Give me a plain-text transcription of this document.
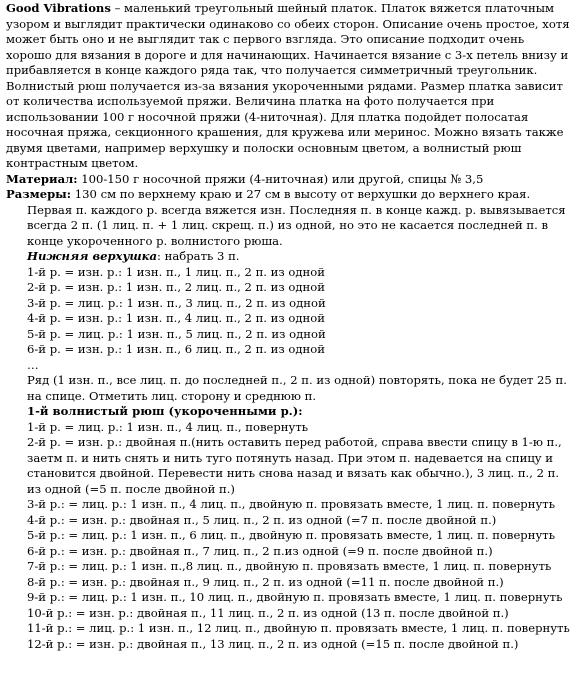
Good Vibrations – маленький треугольный шейный платок. Платок вяжется платочным узором и выглядит практически одинаково со обеих сторон. Описание очень простое, хотя может быть оно и не выглядит так с первого взгляда. Это описание подходит очень хорошо для вязания в дороге и для начинающих. Начинается вязание с 3-х петель внизу и прибавляется в конце каждого ряда так, что получается симметричный треугольник. Волнистый рюш получается из-за вязания укороченными рядами. Размер платка зависит от количества используемой пряжи. Величина платка на фото получается при использовании 100 г носочной пряжи (4-ниточная). Для платка подойдет полосатая носочная пряжа, секционного крашения, для кружева или меринос. Можно вязать также двумя цветами, например верхушку и полоски основным цветом, а волнистый рюш контрастным цветом.

Материал: 100-150 г носочной пряжи (4-ниточная) или другой, спицы № 3,5

Размеры: 130 см по верхнему краю и 27 см в высоту от верхушки до верхнего края.

Первая п. каждого р. всегда вяжется изн. Последняя п. в конце кажд. р. вывязывается всегда 2 п. (1 лиц. п. + 1 лиц. скрещ. п.) из одной, но это не касается последней п. в конце укороченного р. волнистого рюша.

Нижняя верхушка: набрать 3 п.

1-й р. = изн. р.: 1 изн. п., 1 лиц. п., 2 п. из одной

2-й р. = изн. р.: 1 изн. п., 2 лиц. п., 2 п. из одной

3-й р. = лиц. р.: 1 изн. п., 3 лиц. п., 2 п. из одной

4-й р. = изн. р.: 1 изн. п., 4 лиц. п., 2 п. из одной

5-й р. = лиц. р.: 1 изн. п., 5 лиц. п., 2 п. из одной

6-й р. = изн. р.: 1 изн. п., 6 лиц. п., 2 п. из одной

…

Ряд (1 изн. п., все лиц. п. до последней п., 2 п. из одной) повторять, пока не будет 25 п. на спице. Отметить лиц. сторону и среднюю п.

1-й волнистый рюш (укороченными р.):

1-й р. = лиц. р.: 1 изн. п., 4 лиц. п., повернуть

2-й р. = изн. р.: двойная п.(нить оставить перед работой, справа ввести спицу в 1-ю п., заетм п. и нить снять и нить туго потянуть назад. При этом п. надевается на спицу и становится двойной. Перевести нить снова назад и вязать как обычно.), 3 лиц. п., 2 п. из одной (=5 п. после двойной п.)

3-й р.: = лиц. р.: 1 изн. п., 4 лиц. п., двойную п. провязать вместе, 1 лиц. п. повернуть

4-й р.: = изн. р.: двойная п., 5 лиц. п., 2 п. из одной (=7 п. после двойной п.)

5-й р.: = лиц. р.: 1 изн. п., 6 лиц. п., двойную п. провязать вместе, 1 лиц. п. повернуть

6-й р.: = изн. р.: двойная п., 7 лиц. п., 2 п.из одной (=9 п. после двойной п.)

7-й р.: = лиц. р.: 1 изн. п.,8 лиц. п., двойную п. провязать вместе, 1 лиц. п. повернуть

8-й р.: = изн. р.: двойная п., 9 лиц. п., 2 п. из одной (=11 п. после двойной п.)

9-й р.: = лиц. р.: 1 изн. п., 10 лиц. п., двойную п. провязать вместе, 1 лиц. п. повернуть

10-й р.: = изн. р.: двойная п., 11 лиц. п., 2 п. из одной (13 п. после двойной п.)

11-й р.: = лиц. р.: 1 изн. п., 12 лиц. п., двойную п. провязать вместе, 1 лиц. п. повернуть

12-й р.: = изн. р.: двойная п., 13 лиц. п., 2 п. из одной (=15 п. после двойной п.)
